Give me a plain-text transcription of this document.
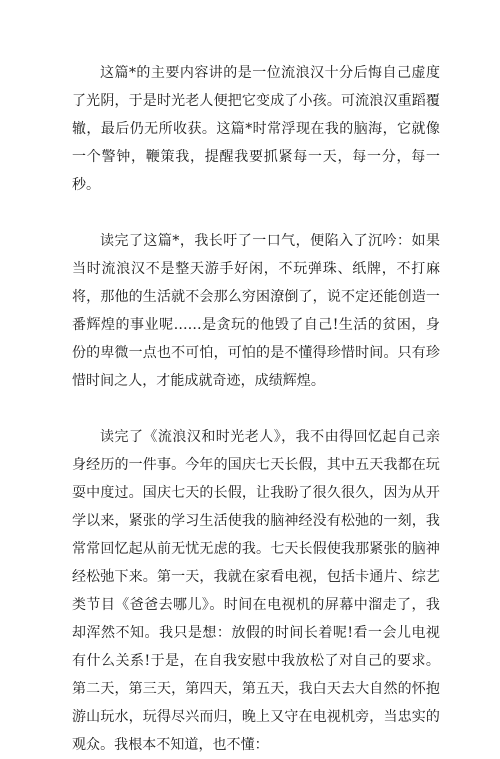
这篇*的主要内容讲的是一位流浪汉十分后悔自己虚度了光阴，于是时光老人便把它变成了小孩。可流浪汉重蹈覆辙，最后仍无所收获。这篇*时常浮现在我的脑海，它就像一个警钟，鞭策我，提醒我要抓紧每一天，每一分，每一秒。

读完了这篇*，我长吁了一口气，便陷入了沉吟：如果当时流浪汉不是整天游手好闲，不玩弹珠、纸牌，不打麻将，那他的生活就不会那么穷困潦倒了，说不定还能创造一番辉煌的事业呢……是贪玩的他毁了自己!生活的贫困，身份的卑微一点也不可怕，可怕的是不懂得珍惜时间。只有珍惜时间之人，才能成就奇迹，成绩辉煌。

读完了《流浪汉和时光老人》，我不由得回忆起自己亲身经历的一件事。今年的国庆七天长假，其中五天我都在玩耍中度过。国庆七天的长假，让我盼了很久很久，因为从开学以来，紧张的学习生活使我的脑神经没有松弛的一刻，我常常回忆起从前无忧无虑的我。七天长假使我那紧张的脑神经松弛下来。第一天，我就在家看电视，包括卡通片、综艺类节目《爸爸去哪儿》。时间在电视机的屏幕中溜走了，我却浑然不知。我只是想：放假的时间长着呢!看一会儿电视有什么关系!于是，在自我安慰中我放松了对自己的要求。第二天，第三天，第四天，第五天，我白天去大自然的怀抱游山玩水，玩得尽兴而归，晚上又守在电视机旁，当忠实的观众。我根本不知道，也不懂：
